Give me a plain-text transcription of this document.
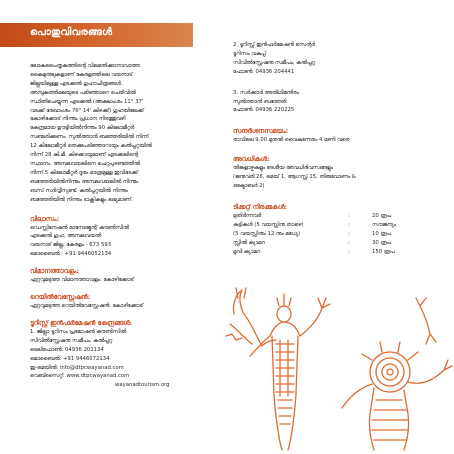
പൊതുവിവരങ്ങൾ
ലോകപൈതൃകത്തിന്റെ വിലമതിക്കാനാവാത്ത
കൈമുതലുകളാണ് കേരളത്തിലെ വയനാട്
ജില്ലയിലുള്ള എടക്കൽ ഗുഹാചിത്രങ്ങൾ.
അമ്പുകുത്തിമലയുടെ പടിഞ്ഞാറെ ചെരിവിൽ
സ്ഥിതിചെയ്യുന്ന എടക്കൽ (അക്ഷാംശം 11° 37'
വടക്ക് രേഖാംശം 76° 14' കിഴക്ക്) ഗുഹയിലേക്ക്
കോഴിക്കോട് നിന്നും പ്രധാന നിരത്തുവഴി
കേന്ദ്രമായ ഊട്ടിയിൽനിന്നും 90 കിലോമീറ്റർ
സഞ്ചരിക്കണം. സുൽത്താൻ ബത്തേരിയിൽ നിന്ന്
12 കിലോമീറ്റർ തെക്കുപടിഞ്ഞാറായും കൽപ്പറ്റയിൽ
നിന്ന് 28 കി.മീ. കിഴക്കായുമാണ് എടക്കലിന്റെ
സ്ഥാനം. അമ്പലവയലിനെ ചെറുപുഴണ്ടത്തിൽ
നിന്ന് 5 കിലോമീറ്റർ ദൂരം മാത്രമുള്ള ഇവിടേക്ക്
ബത്തേരിയിൽനിന്നും അമ്പലവയലിൽ നിന്നും
ബസ് സർവ്വീസുണ്ട്. കൽപ്പറ്റയിൽ നിന്നും
ബത്തേരിയിൽ നിന്നും ടാക്സികളും ലഭ്യമാണ്.
വിലാസം:
ഡെസ്റ്റിനേഷൻ മാനേജ്മെന്റ് കൗൺസിൽ
എടക്കൽ ഗുഹ, അമ്പലവയൽ
വയനാട് ജില്ല, കേരളം - 673 593
മൊബൈൽ : +91 9446052134
വിമാനത്താവളം:
ഏറ്റവുമടുത്ത വിമാനത്താവളം: കോഴിക്കോട്
റെയിൽവേസ്റ്റേഷൻ:
ഏറ്റവുമടുത്ത റെയിൽവേസ്റ്റേഷൻ: കോഴിക്കോട്
ടൂറിസ്റ്റ് ഇൻഫർമേഷൻ കേന്ദ്രങ്ങൾ:
1. ജില്ലാ ടൂറിസം പ്രമോഷൻ കൗൺസിൽ
സിവിൽസ്റ്റേഷനു സമീപം, കൽപ്പറ്റ
ടെലിഫോൺ: 04936 202134
മൊബൈൽ: +91 9446072134
ഇ-മെയിൽ: info@dtpcwayanad.com
വെബ്സൈറ്റ്: www.dtpcwayanad.com
wayanadtourism.org
2. ടൂറിസ്റ്റ് ഇൻഫർമേഷൻ സെന്റർ
ടൂറിസം വകുപ്പ്
സിവിൽസ്റ്റേഷനു സമീപം, കൽപ്പറ്റ
ഫോൺ: 04936 204441
3. സർക്കാർ അതിഥിമന്ദിരം
സുൽത്താൻ ബത്തേരി
ഫോൺ: 04936 220225
സന്ദർശനസമയം:
രാവിലെ 9.00 മുതൽ വൈകുന്നേരം 4 മണി വരെ
അവധികൾ:
തിങ്കളാഴ്ചകളും ദേശീയ അവധിദിവസങ്ങളും
(ജനുവരി 26, മെയ് 1, ആഗസ്റ്റ് 15, തിരുവോണം &
ഒക്ടോബർ 2)
ടിക്കറ്റ് നിരക്കുകൾ:
മുതിർന്നവർ	:	20 രൂപ
കുട്ടികൾ (5 വയസ്സിനു താഴെ)	:	സൗജന്യം
(5 വയസ്സിനും 12 നും മധ്യേ)	:	10 രൂപ
സ്റ്റിൽ ക്യാമറ	:	30 രൂപ
മൂവി ക്യാമറ	:	150 രൂപ
